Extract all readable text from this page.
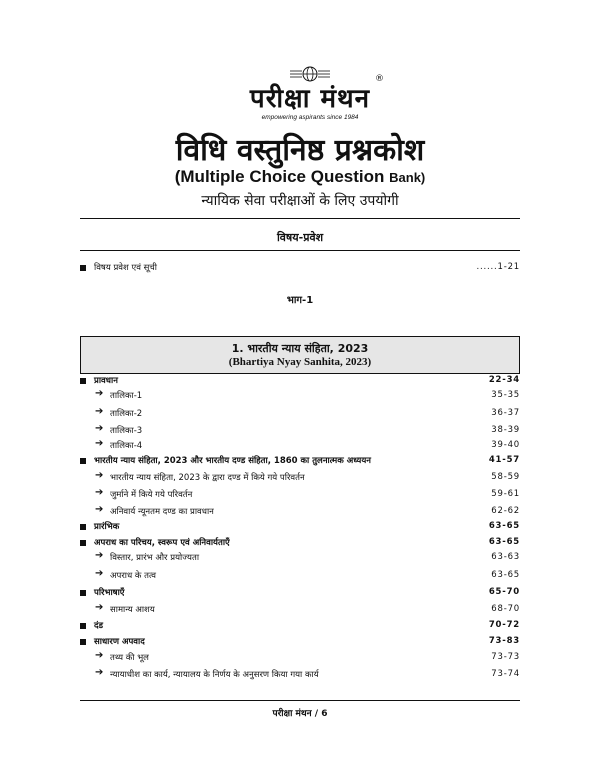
परीक्षा मंथन
®
empowering aspirants since 1984
विधि वस्तुनिष्ठ प्रश्नकोश
(Multiple Choice Question Bank)
न्यायिक सेवा परीक्षाओं के लिए उपयोगी
विषय-प्रवेश
विषय प्रवेश एवं सूची	......1-21
भाग-1
1. भारतीय न्याय संहिता, 2023
(Bhartiya Nyay Sanhita, 2023)
प्रावधान	22-34
➔ तालिका-1	35-35
➔ तालिका-2	36-37
➔ तालिका-3	38-39
➔ तालिका-4	39-40
भारतीय न्याय संहिता, 2023 और भारतीय दण्ड संहिता, 1860 का तुलनात्मक अध्ययन	41-57
➔ भारतीय न्याय संहिता, 2023 के द्वारा दण्ड में किये गये परिवर्तन	58-59
➔ जुर्माने में किये गये परिवर्तन	59-61
➔ अनिवार्य न्यूनतम दण्ड का प्रावधान	62-62
प्रारंभिक	63-65
अपराध का परिचय, स्वरूप एवं अनिवार्यताएँ	63-65
➔ विस्तार, प्रारंभ और प्रयोज्यता	63-63
➔ अपराध के तत्व	63-65
परिभाषाएँ	65-70
➔ सामान्य आशय	68-70
दंड	70-72
साधारण अपवाद	73-83
➔ तथ्य की भूल	73-73
➔ न्यायाधीश का कार्य, न्यायालय के निर्णय के अनुसरण किया गया कार्य	73-74
परीक्षा मंथन / 6
